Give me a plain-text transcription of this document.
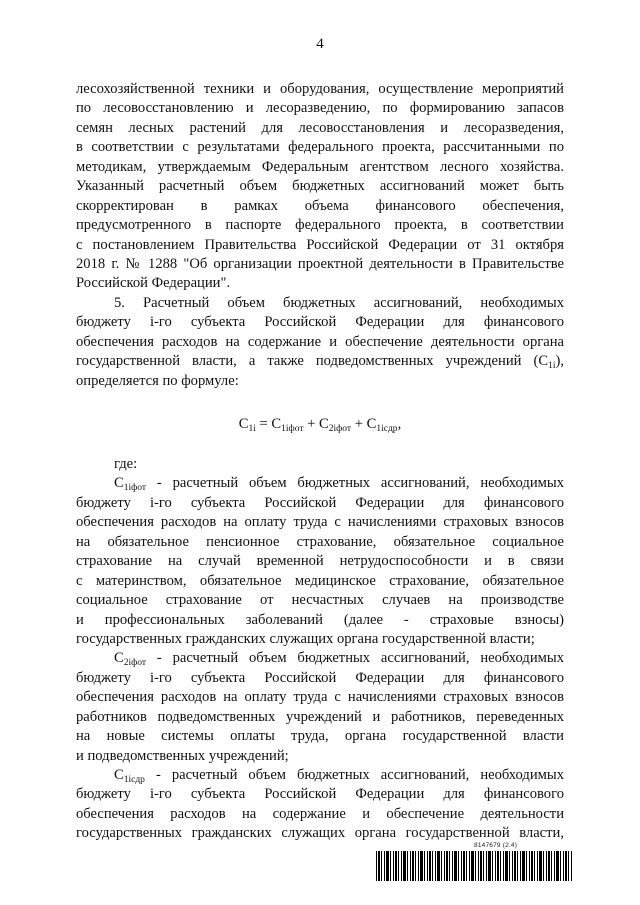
4
лесохозяйственной техники и оборудования, осуществление мероприятий
по лесовосстановлению и лесоразведению, по формированию запасов
семян лесных растений для лесовосстановления и лесоразведения,
в соответствии с результатами федерального проекта, рассчитанными по
методикам, утверждаемым Федеральным агентством лесного хозяйства.
Указанный расчетный объем бюджетных ассигнований может быть
скорректирован в рамках объема финансового обеспечения,
предусмотренного в паспорте федерального проекта, в соответствии
с постановлением Правительства Российской Федерации от 31 октября
2018 г. № 1288 "Об организации проектной деятельности в Правительстве
Российской Федерации".
5. Расчетный объем бюджетных ассигнований, необходимых
бюджету i-го субъекта Российской Федерации для финансового
обеспечения расходов на содержание и обеспечение деятельности органа
государственной власти, а также подведомственных учреждений $(C_{1i})$,
определяется по формуле:
$C_{1i} = C_{1iфот} + C_{2iфот} + C_{1iсдр}$,
где:
$C_{1iфот}$ - расчетный объем бюджетных ассигнований, необходимых
бюджету i-го субъекта Российской Федерации для финансового
обеспечения расходов на оплату труда с начислениями страховых взносов
на обязательное пенсионное страхование, обязательное социальное
страхование на случай временной нетрудоспособности и в связи
с материнством, обязательное медицинское страхование, обязательное
социальное страхование от несчастных случаев на производстве
и профессиональных заболеваний (далее - страховые взносы)
государственных гражданских служащих органа государственной власти;
$C_{2iфот}$ - расчетный объем бюджетных ассигнований, необходимых
бюджету i-го субъекта Российской Федерации для финансового
обеспечения расходов на оплату труда с начислениями страховых взносов
работников подведомственных учреждений и работников, переведенных
на новые системы оплаты труда, органа государственной власти
и подведомственных учреждений;
$C_{1iсдр}$ - расчетный объем бюджетных ассигнований, необходимых
бюджету i-го субъекта Российской Федерации для финансового
обеспечения расходов на содержание и обеспечение деятельности
государственных гражданских служащих органа государственной власти,
8147679 (2.4)
